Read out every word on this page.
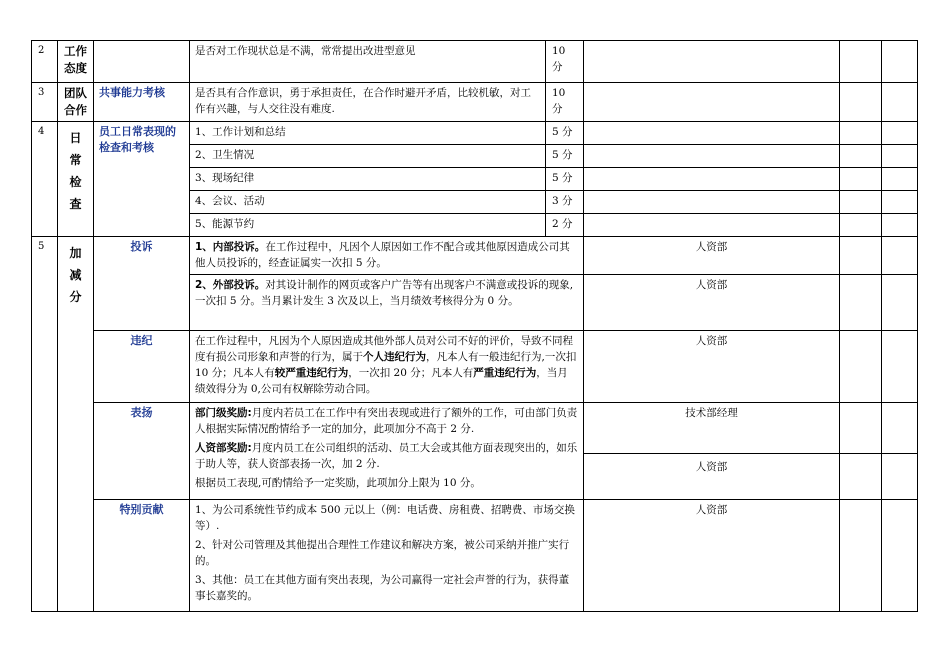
2	工作
态度		是否对工作现状总是不满，常常提出改进型意见	10 分			
3	团队
合作	共事能力考核	是否具有合作意识，勇于承担责任，在合作时避开矛盾，比较机敏，对工作有兴趣，与人交往没有难度.	10 分			
4	日
常
检
查	员工日常表现的检查和考核	1、工作计划和总结	5 分			
			2、卫生情况	5 分			
			3、现场纪律	5 分			
			4、会议、活动	3 分			
			5、能源节约	2 分			
5	加
减
分	投诉	1、内部投诉。在工作过程中，凡因个人原因如工作不配合或其他原因造成公司其他人员投诉的，经查证属实一次扣 5 分。		人资部		
			2、外部投诉。对其设计制作的网页或客户广告等有出现客户不满意或投诉的现象,一次扣 5 分。当月累计发生 3 次及以上，当月绩效考核得分为 0 分。		人资部		
		违纪	在工作过程中，凡因为个人原因造成其他外部人员对公司不好的评价，导致不同程度有损公司形象和声誉的行为，属于个人违纪行为，凡本人有一般违纪行为,一次扣 10 分；凡本人有较严重违纪行为，一次扣 20 分；凡本人有严重违纪行为，当月绩效得分为 0,公司有权解除劳动合同。		人资部		
		表扬	部门级奖励:月度内若员工在工作中有突出表现或进行了额外的工作，可由部门负责人根据实际情况酌情给予一定的加分，此项加分不高于 2 分.
人资部奖励:月度内员工在公司组织的活动、员工大会或其他方面表现突出的，如乐于助人等，获人资部表扬一次，加 2 分.
根据员工表现,可酌情给予一定奖励，此项加分上限为 10 分。		技术部经理		
					人资部		
		特别贡献	1、为公司系统性节约成本 500 元以上（例：电话费、房租费、招聘费、市场交换等）.
2、针对公司管理及其他提出合理性工作建议和解决方案，被公司采纳并推广实行的。
3、其他：员工在其他方面有突出表现，为公司赢得一定社会声誉的行为，获得董事长嘉奖的。		人资部		
